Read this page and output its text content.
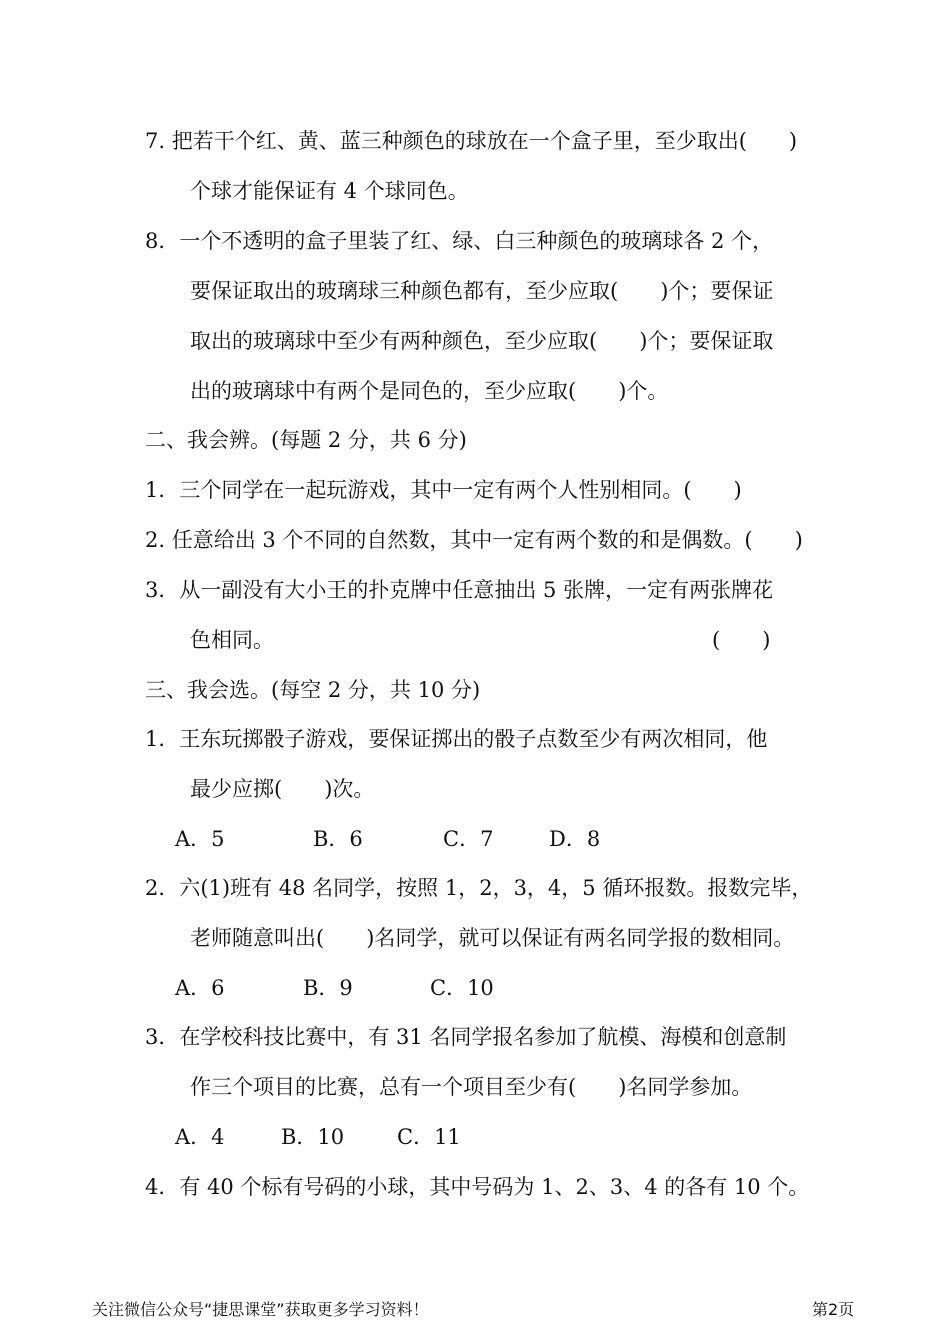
7. 把若干个红、黄、蓝三种颜色的球放在一个盒子里，至少取出(　　)
个球才能保证有 4 个球同色。
8．一个不透明的盒子里装了红、绿、白三种颜色的玻璃球各 2 个，
要保证取出的玻璃球三种颜色都有，至少应取(　　)个；要保证
取出的玻璃球中至少有两种颜色，至少应取(　　)个；要保证取
出的玻璃球中有两个是同色的，至少应取(　　)个。
二、我会辨。(每题 2 分，共 6 分)
1．三个同学在一起玩游戏，其中一定有两个人性别相同。(　　)
2. 任意给出 3 个不同的自然数，其中一定有两个数的和是偶数。(　　)
3．从一副没有大小王的扑克牌中任意抽出 5 张牌，一定有两张牌花
色相同。	(　　)
三、我会选。(每空 2 分，共 10 分)
1．王东玩掷骰子游戏，要保证掷出的骰子点数至少有两次相同，他
最少应掷(　　)次。
A．5	B．6	C．7	D．8
2．六(1)班有 48 名同学，按照 1，2，3，4，5 循环报数。报数完毕，
老师随意叫出(　　)名同学，就可以保证有两名同学报的数相同。
A．6	B．9	C．10
3．在学校科技比赛中，有 31 名同学报名参加了航模、海模和创意制
作三个项目的比赛，总有一个项目至少有(　　)名同学参加。
A．4	B．10	C．11
4．有 40 个标有号码的小球，其中号码为 1、2、3、4 的各有 10 个。
关注微信公众号“捷思课堂”获取更多学习资料！	第2页
